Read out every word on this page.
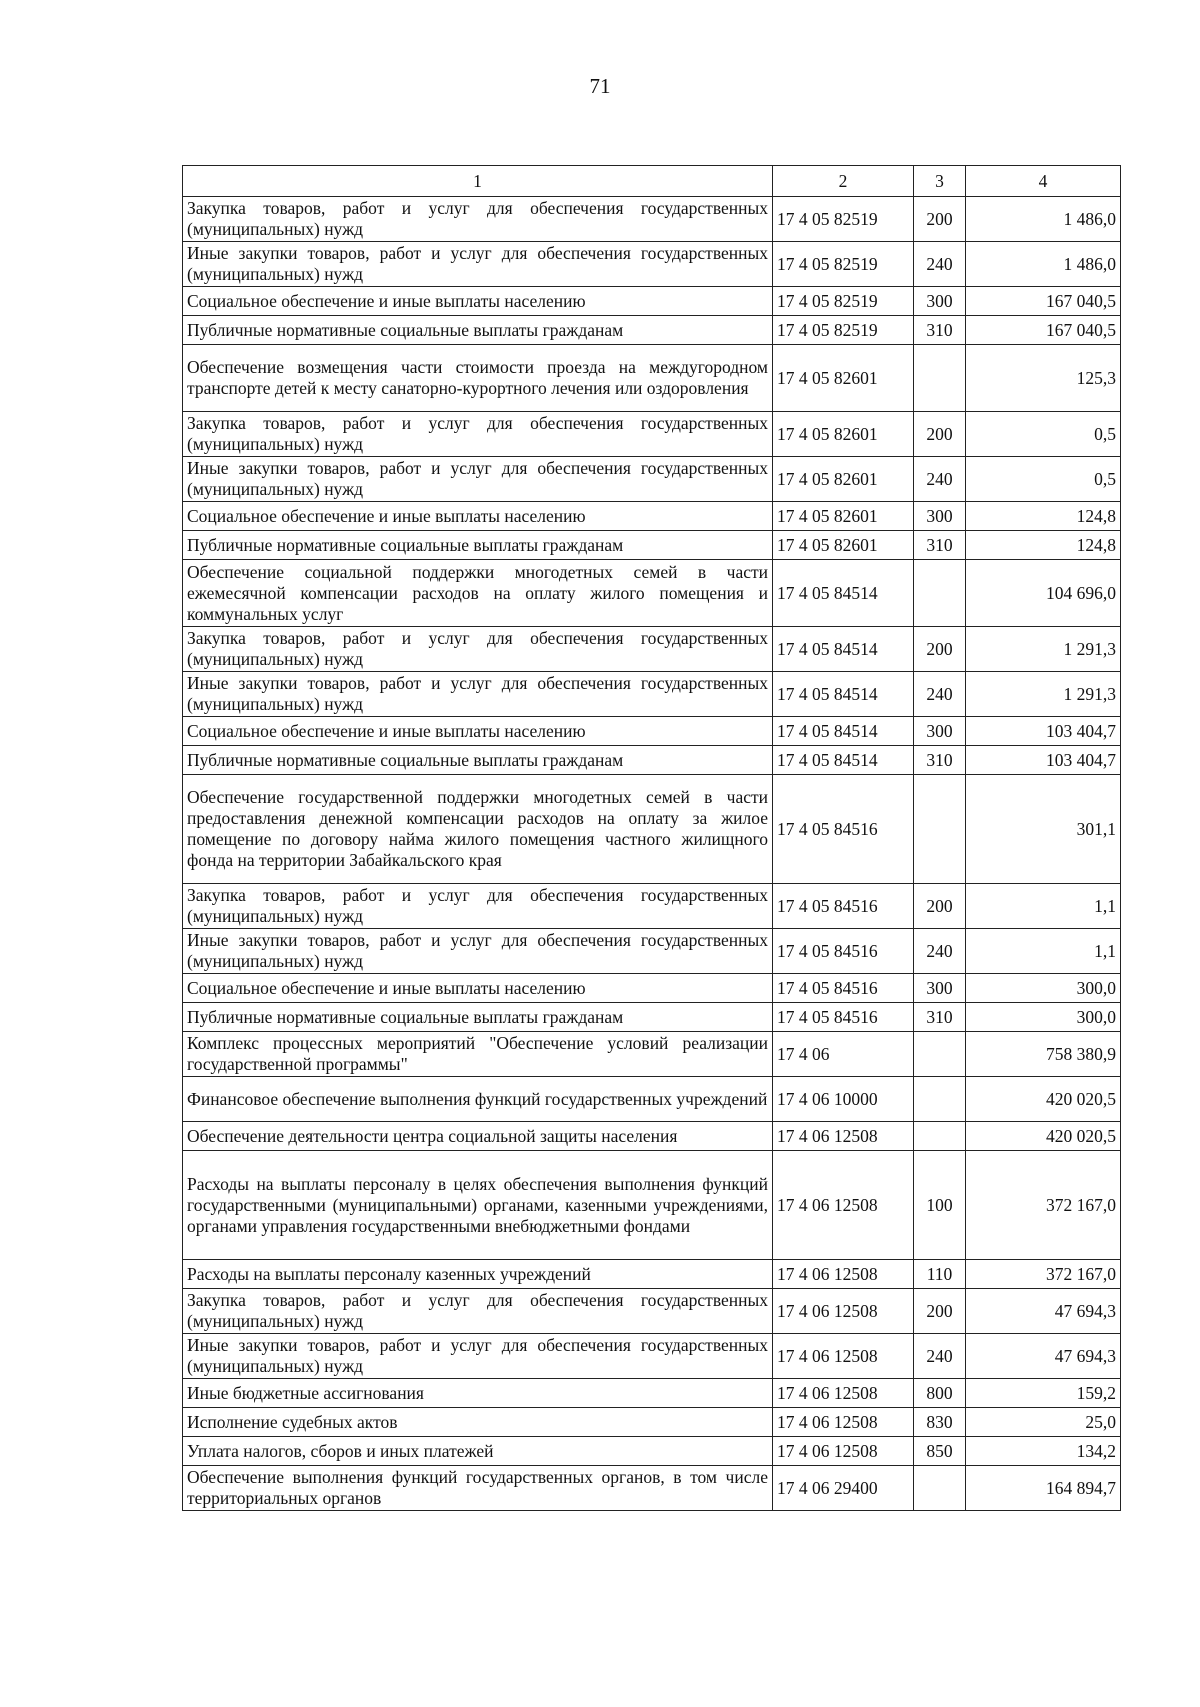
71
1	2	3	4
Закупка товаров, работ и услуг для обеспечения государственных (муниципальных) нужд	17 4 05 82519	200	1 486,0
Иные закупки товаров, работ и услуг для обеспечения государственных (муниципальных) нужд	17 4 05 82519	240	1 486,0
Социальное обеспечение и иные выплаты населению	17 4 05 82519	300	167 040,5
Публичные нормативные социальные выплаты гражданам	17 4 05 82519	310	167 040,5
Обеспечение возмещения части стоимости проезда на междугородном транспорте детей к месту санаторно-курортного лечения или оздоровления	17 4 05 82601		125,3
Закупка товаров, работ и услуг для обеспечения государственных (муниципальных) нужд	17 4 05 82601	200	0,5
Иные закупки товаров, работ и услуг для обеспечения государственных (муниципальных) нужд	17 4 05 82601	240	0,5
Социальное обеспечение и иные выплаты населению	17 4 05 82601	300	124,8
Публичные нормативные социальные выплаты гражданам	17 4 05 82601	310	124,8
Обеспечение социальной поддержки многодетных семей в части ежемесячной компенсации расходов на оплату жилого помещения и коммунальных услуг	17 4 05 84514		104 696,0
Закупка товаров, работ и услуг для обеспечения государственных (муниципальных) нужд	17 4 05 84514	200	1 291,3
Иные закупки товаров, работ и услуг для обеспечения государственных (муниципальных) нужд	17 4 05 84514	240	1 291,3
Социальное обеспечение и иные выплаты населению	17 4 05 84514	300	103 404,7
Публичные нормативные социальные выплаты гражданам	17 4 05 84514	310	103 404,7
Обеспечение государственной поддержки многодетных семей в части предоставления денежной компенсации расходов на оплату за жилое помещение по договору найма жилого помещения частного жилищного фонда на территории Забайкальского края	17 4 05 84516		301,1
Закупка товаров, работ и услуг для обеспечения государственных (муниципальных) нужд	17 4 05 84516	200	1,1
Иные закупки товаров, работ и услуг для обеспечения государственных (муниципальных) нужд	17 4 05 84516	240	1,1
Социальное обеспечение и иные выплаты населению	17 4 05 84516	300	300,0
Публичные нормативные социальные выплаты гражданам	17 4 05 84516	310	300,0
Комплекс процессных мероприятий "Обеспечение условий реализации государственной программы"	17 4 06		758 380,9
Финансовое обеспечение выполнения функций государственных учреждений	17 4 06 10000		420 020,5
Обеспечение деятельности центра социальной защиты населения	17 4 06 12508		420 020,5
Расходы на выплаты персоналу в целях обеспечения выполнения функций государственными (муниципальными) органами, казенными учреждениями, органами управления государственными внебюджетными фондами	17 4 06 12508	100	372 167,0
Расходы на выплаты персоналу казенных учреждений	17 4 06 12508	110	372 167,0
Закупка товаров, работ и услуг для обеспечения государственных (муниципальных) нужд	17 4 06 12508	200	47 694,3
Иные закупки товаров, работ и услуг для обеспечения государственных (муниципальных) нужд	17 4 06 12508	240	47 694,3
Иные бюджетные ассигнования	17 4 06 12508	800	159,2
Исполнение судебных актов	17 4 06 12508	830	25,0
Уплата налогов, сборов и иных платежей	17 4 06 12508	850	134,2
Обеспечение выполнения функций государственных органов, в том числе территориальных органов	17 4 06 29400		164 894,7
